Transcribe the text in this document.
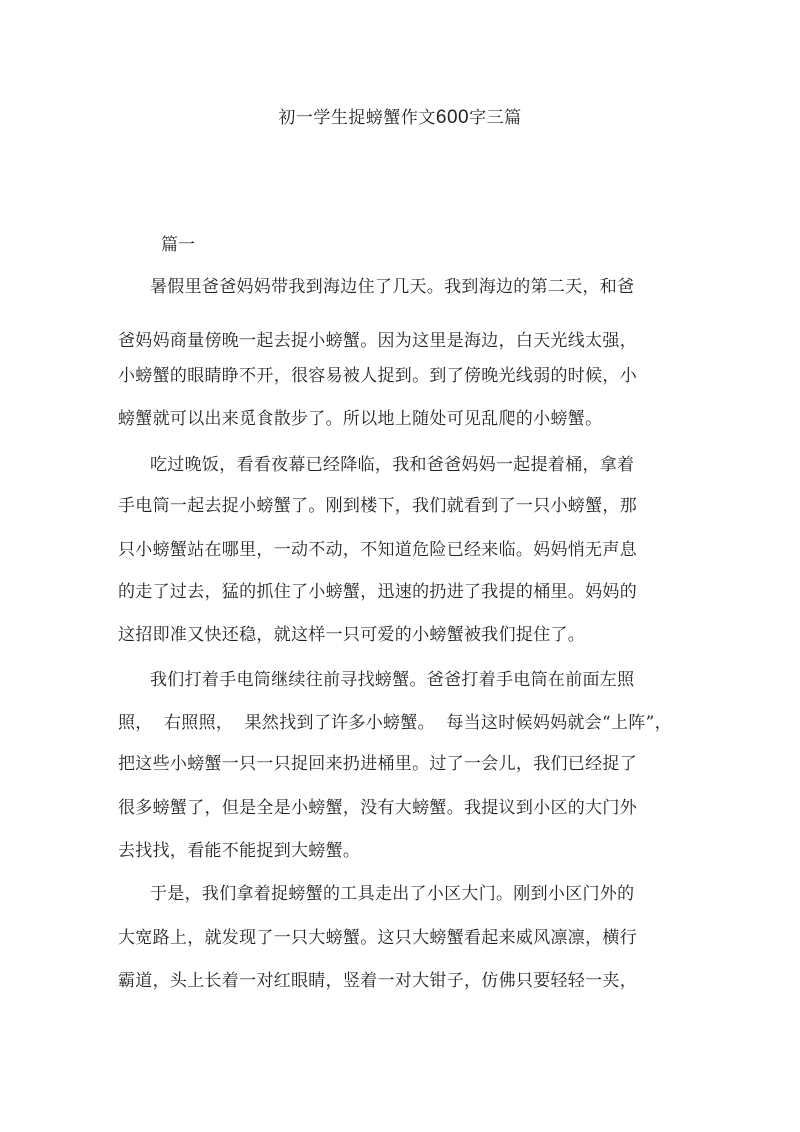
初一学生捉螃蟹作文600字三篇
篇一
暑假里爸爸妈妈带我到海边住了几天。我到海边的第二天，和爸
爸妈妈商量傍晚一起去捉小螃蟹。因为这里是海边，白天光线太强，
小螃蟹的眼睛睁不开，很容易被人捉到。到了傍晚光线弱的时候，小
螃蟹就可以出来觅食散步了。所以地上随处可见乱爬的小螃蟹。
吃过晚饭，看看夜幕已经降临，我和爸爸妈妈一起提着桶，拿着
手电筒一起去捉小螃蟹了。刚到楼下，我们就看到了一只小螃蟹，那
只小螃蟹站在哪里，一动不动，不知道危险已经来临。妈妈悄无声息
的走了过去，猛的抓住了小螃蟹，迅速的扔进了我提的桶里。妈妈的
这招即准又快还稳，就这样一只可爱的小螃蟹被我们捉住了。
我们打着手电筒继续往前寻找螃蟹。爸爸打着手电筒在前面左照
照，  右照照，  果然找到了许多小螃蟹。  每当这时候妈妈就会“上阵”，
把这些小螃蟹一只一只捉回来扔进桶里。过了一会儿，我们已经捉了
很多螃蟹了，但是全是小螃蟹，没有大螃蟹。我提议到小区的大门外
去找找，看能不能捉到大螃蟹。
于是，我们拿着捉螃蟹的工具走出了小区大门。刚到小区门外的
大宽路上，就发现了一只大螃蟹。这只大螃蟹看起来威风凛凛，横行
霸道，头上长着一对红眼睛，竖着一对大钳子，仿佛只要轻轻一夹，
